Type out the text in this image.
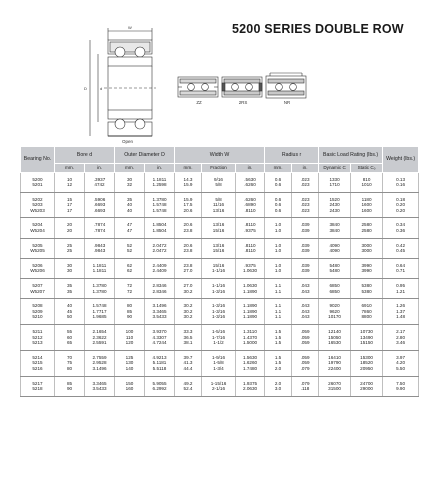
5200 SERIES DOUBLE ROW
W
D	d
Open
ZZ	2RS	NR
Bearing No.	Bore d		Outer Diameter D		Width W			Radius r		Basic Load Rating (lbs.)		Weight (lbs.)
	mm.	in.	mm.	in.	mm.	Fraction	in.	mm.	in.	Dynamic C	Static C₀	
5200	10	.3937	30	1.1811	14.3	9/16	.5630	0.6	.023	1330	810	0.13
5201	12	4742	32	1.2598	15.9	5/8	.6260	0.6	.023	1710	1010	0.16
5202	15	.5906	35	1.3780	15.9	5/8	.6260	0.6	.023	1520	1180	0.18
5203	17	.6693	40	1.5748	17.5	11/16	.6890	0.6	.023	2430	1600	0.20
W5203	17	.6693	40	1.5748	20.6	13/16	.8110	0.6	.023	2430	1600	0.20
5204	20	.7874	47	1.8504	20.6	13/16	.8110	1.0	.039	3840	2580	0.34
W5204	20	.7874	47	1.8504	23.8	15/16	.9375	1.0	.039	3840	2580	0.36
5205	25	.9843	52	2.0472	20.6	13/16	.8110	1.0	.039	4090	3000	0.42
W5205	25	.9843	52	2.0472	23.8	15/16	.8110	1.0	.039	4090	3000	0.45
5206	30	1.1811	62	2.4409	23.8	15/16	.9375	1.0	.039	5480	3990	0.64
W5206	30	1.1811	62	2.4409	27.0	1-1/16	1.0630	1.0	.039	5480	3990	0.71
5207	35	1.3780	72	2.8346	27.0	1-1/16	1.0630	1.1	.043	6850	5380	0.95
W5207	35	1.3780	72	2.8346	30.2	1-3/16	1.1890	1.1	.043	6850	5380	1.21
5208	40	1.5748	80	3.1496	30.2	1-3/16	1.1890	1.1	.043	9020	6910	1.26
5209	45	1.7717	85	3.3465	30.2	1-3/16	1.1890	1.1	.043	9620	7860	1.37
5210	50	1.9685	90	3.5433	30.2	1-3/16	1.1890	1.1	.043	10170	8800	1.48
5211	55	2.1654	100	3.9370	33.3	1-5/16	1.3110	1.5	.059	12140	10730	2.17
5212	60	2.3622	110	4.3307	36.5	1-7/16	1.4370	1.5	.059	15050	13490	2.80
5213	65	2.5591	120	4.7244	38.1	1-1/2	1.5000	1.5	.059	16530	15150	3.46
5214	70	2.7559	125	4.9213	39.7	1-9/16	1.5630	1.5	.059	16410	15300	3.97
5215	75	2.9528	130	5.1181	41.3	1-5/8	1.6260	1.5	.059	19790	18520	4.20
5216	80	3.1496	140	5.5118	44.4	1-3/4	1.7480	2.0	.079	22400	20950	5.50
5217	85	3.3465	150	5.9055	49.2	1-15/16	1.9375	2.0	.079	26070	24700	7.50
5218	90	3.5433	160	6.2992	52.4	2-1/16	2.0630	3.0	.118	31500	29000	9.90
